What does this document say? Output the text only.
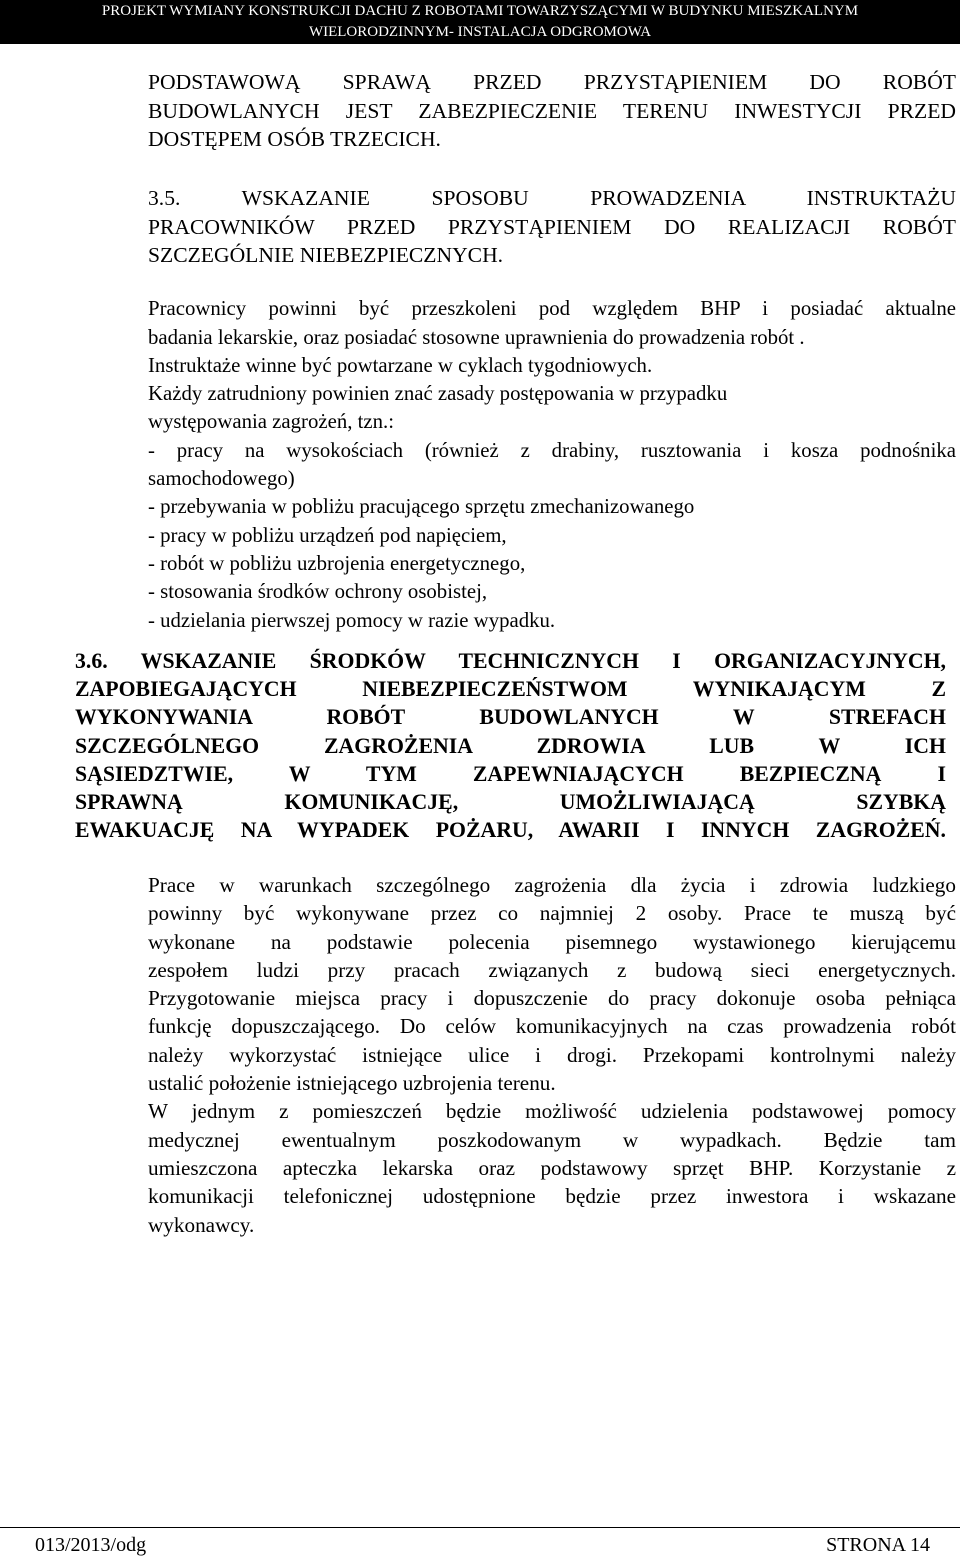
PROJEKT WYMIANY KONSTRUKCJI DACHU Z ROBOTAMI TOWARZYSZĄCYMI W BUDYNKU MIESZKALNYM
WIELORODZINNYM- INSTALACJA ODGROMOWA
PODSTAWOWĄ SPRAWĄ PRZED PRZYSTĄPIENIEM DO ROBÓT
BUDOWLANYCH JEST ZABEZPIECZENIE TERENU INWESTYCJI PRZED
DOSTĘPEM OSÓB TRZECICH.
3.5. WSKAZANIE SPOSOBU PROWADZENIA INSTRUKTAŻU
PRACOWNIKÓW PRZED PRZYSTĄPIENIEM DO REALIZACJI ROBÓT
SZCZEGÓLNIE NIEBEZPIECZNYCH.
Pracownicy powinni być przeszkoleni pod względem BHP i posiadać aktualne
badania lekarskie, oraz posiadać stosowne uprawnienia do prowadzenia robót .
Instruktaże winne być powtarzane w cyklach tygodniowych.
Każdy zatrudniony powinien znać zasady postępowania w przypadku
występowania zagrożeń, tzn.:
- pracy na wysokościach (również z drabiny, rusztowania i kosza podnośnika
samochodowego)
- przebywania w pobliżu pracującego sprzętu zmechanizowanego
- pracy w pobliżu urządzeń pod napięciem,
- robót w pobliżu uzbrojenia energetycznego,
- stosowania środków ochrony osobistej,
- udzielania pierwszej pomocy w razie wypadku.
3.6. WSKAZANIE ŚRODKÓW TECHNICZNYCH I ORGANIZACYJNYCH,
ZAPOBIEGAJĄCYCH NIEBEZPIECZEŃSTWOM WYNIKAJĄCYM Z
WYKONYWANIA ROBÓT BUDOWLANYCH W STREFACH
SZCZEGÓLNEGO ZAGROŻENIA ZDROWIA LUB W ICH
SĄSIEDZTWIE, W TYM ZAPEWNIAJĄCYCH BEZPIECZNĄ I
SPRAWNĄ KOMUNIKACJĘ, UMOŻLIWIAJĄCĄ SZYBKĄ
EWAKUACJĘ NA WYPADEK POŻARU, AWARII I INNYCH ZAGROŻEŃ.
Prace w warunkach szczególnego zagrożenia dla życia i zdrowia ludzkiego
powinny być wykonywane przez co najmniej 2 osoby. Prace te muszą być
wykonane na podstawie polecenia pisemnego wystawionego kierującemu
zespołem ludzi przy pracach związanych z budową sieci energetycznych.
Przygotowanie miejsca pracy i dopuszczenie do pracy dokonuje osoba pełniąca
funkcję dopuszczającego. Do celów komunikacyjnych na czas prowadzenia robót
należy wykorzystać istniejące ulice i drogi. Przekopami kontrolnymi należy
ustalić położenie istniejącego uzbrojenia terenu.
W jednym z pomieszczeń będzie możliwość udzielenia podstawowej pomocy
medycznej ewentualnym poszkodowanym w wypadkach. Będzie tam
umieszczona apteczka lekarska oraz podstawowy sprzęt BHP. Korzystanie z
komunikacji telefonicznej udostępnione będzie przez inwestora i wskazane
wykonawcy.
013/2013/odg	STRONA 14
